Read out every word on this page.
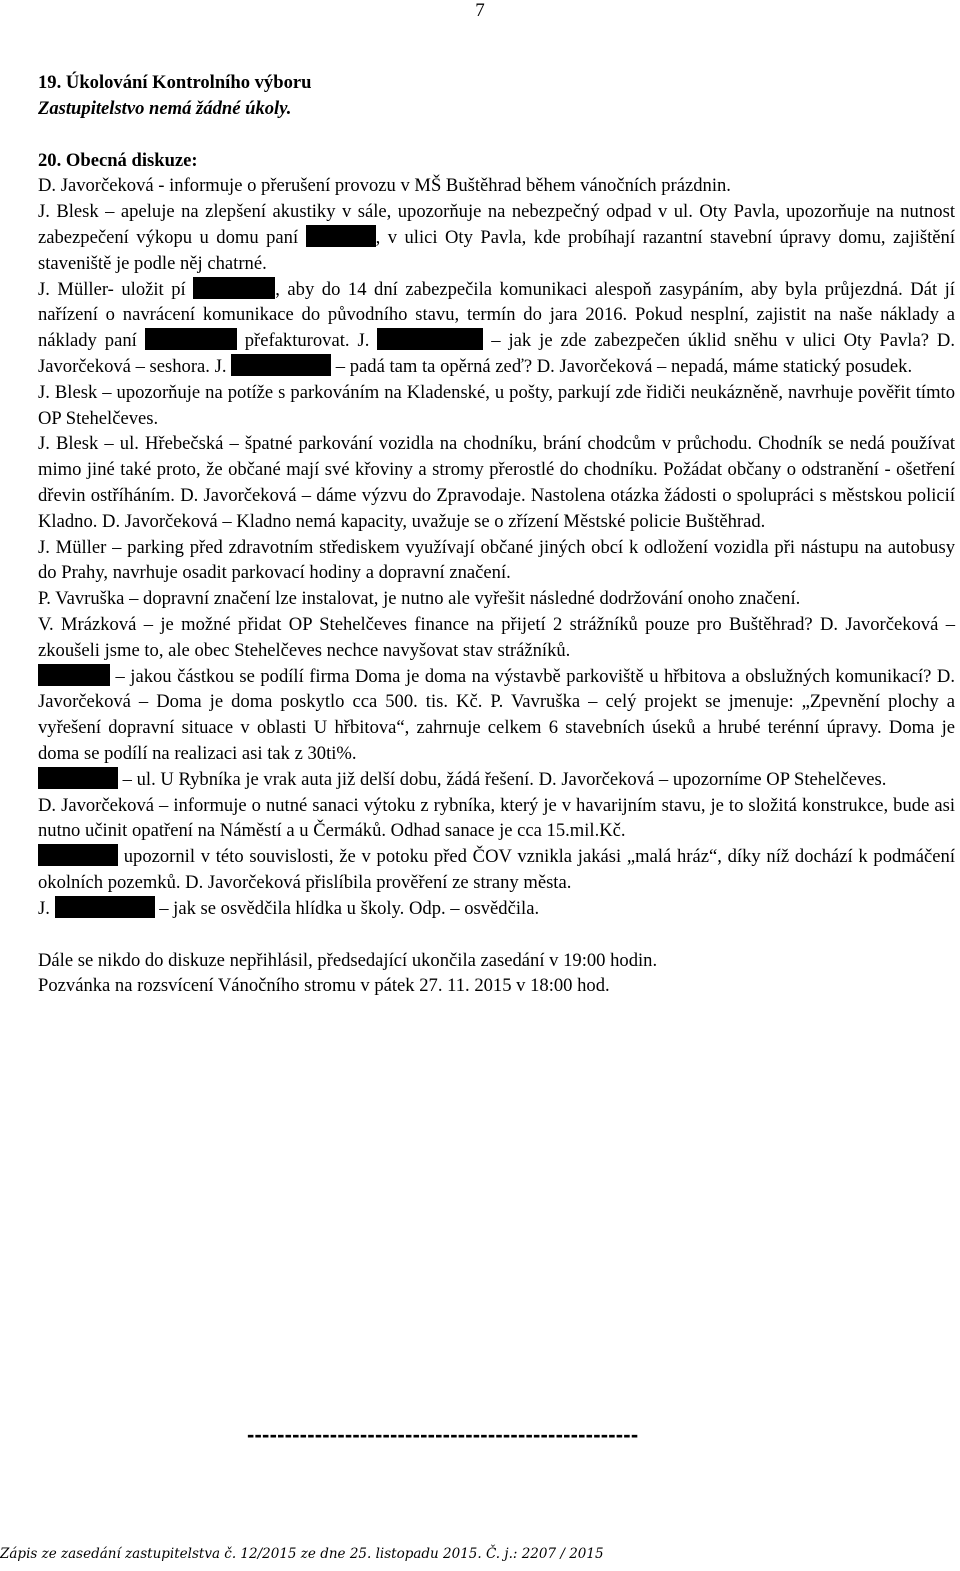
7

19. Úkolování Kontrolního výboru

Zastupitelstvo nemá žádné úkoly.

20. Obecná diskuze:

D. Javorčeková - informuje o přerušení provozu v MŠ Buštěhrad během vánočních prázdnin.

J. Blesk – apeluje na zlepšení akustiky v sále, upozorňuje na nebezpečný odpad v ul. Oty Pavla, upozorňuje na nutnost zabezpečení výkopu u domu paní	, v ulici Oty Pavla, kde probíhají razantní stavební úpravy domu, zajištění staveniště je podle něj chatrné.

J. Müller- uložit pí	, aby do 14 dní zabezpečila komunikaci alespoň zasypáním, aby byla průjezdná. Dát jí nařízení o navrácení komunikace do původního stavu, termín do jara 2016. Pokud nesplní, zajistit na naše náklady a náklady paní	přefakturovat. J.	– jak je zde zabezpečen úklid sněhu v ulici Oty Pavla? D. Javorčeková – seshora. J.	– padá tam ta opěrná zeď? D. Javorčeková – nepadá, máme statický posudek.

J. Blesk – upozorňuje na potíže s parkováním na Kladenské, u pošty, parkují zde řidiči neukázněně, navrhuje pověřit tímto OP Stehelčeves.

J. Blesk – ul. Hřebečská – špatné parkování vozidla na chodníku, brání chodcům v průchodu. Chodník se nedá používat mimo jiné také proto, že občané mají své křoviny a stromy přerostlé do chodníku. Požádat občany o odstranění - ošetření dřevin ostříháním. D. Javorčeková – dáme výzvu do Zpravodaje. Nastolena otázka žádosti o spolupráci s městskou policií Kladno. D. Javorčeková – Kladno nemá kapacity, uvažuje se o zřízení Městské policie Buštěhrad.

J. Müller – parking před zdravotním střediskem využívají občané jiných obcí k odložení vozidla při nástupu na autobusy do Prahy, navrhuje osadit parkovací hodiny a dopravní značení.

P. Vavruška – dopravní značení lze instalovat, je nutno ale vyřešit následné dodržování onoho značení.

V. Mrázková – je možné přidat OP Stehelčeves finance na přijetí 2 strážníků pouze pro Buštěhrad? D. Javorčeková – zkoušeli jsme to, ale obec Stehelčeves nechce navyšovat stav strážníků.

– jakou částkou se podílí firma Doma je doma na výstavbě parkoviště u hřbitova a obslužných komunikací? D. Javorčeková – Doma je doma poskytlo cca 500. tis. Kč. P. Vavruška – celý projekt se jmenuje: „Zpevnění plochy a vyřešení dopravní situace v oblasti U hřbitova“, zahrnuje celkem 6 stavebních úseků a hrubé terénní úpravy. Doma je doma se podílí na realizaci asi tak z 30ti%.

– ul. U Rybníka je vrak auta již delší dobu, žádá řešení. D. Javorčeková – upozorníme OP Stehelčeves.

D. Javorčeková – informuje o nutné sanaci výtoku z rybníka, který je v havarijním stavu, je to složitá konstrukce, bude asi nutno učinit opatření na Náměstí a u Čermáků. Odhad sanace je cca 15.mil.Kč.

upozornil v této souvislosti, že v potoku před ČOV vznikla jakási „malá hráz“, díky níž dochází k podmáčení okolních pozemků. D. Javorčeková přislíbila prověření ze strany města.

J.	– jak se osvědčila hlídka u školy. Odp. – osvědčila.

Dále se nikdo do diskuze nepřihlásil, předsedající ukončila zasedání v 19:00 hodin.

Pozvánka na rozsvícení Vánočního stromu v pátek 27. 11. 2015 v 18:00 hod.

----------------------------------------------------
Zápis ze zasedání zastupitelstva č. 12/2015 ze dne 25. listopadu 2015. Č. j.: 2207 / 2015
